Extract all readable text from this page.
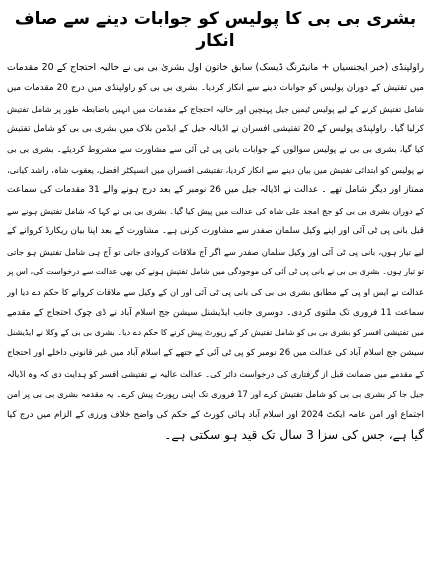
بشری بی بی کا پولیس کو جوابات دینے سے صاف انکار

راولپنڈی (خبر ایجنسیاں + مانیٹرنگ ڈیسک) سابق خاتون اول بشریٰ بی بی نے حالیہ احتجاج کے 20 مقدمات

میں تفتیش کے دوران پولیس کو جوابات دینے سے انکار کردیا۔ بشری بی بی کو راولپنڈی میں درج 20 مقدمات میں

شامل تفتیش کرنے کے لیے پولیس ٹیمیں جیل پہنچیں اور حالیہ احتجاج کے مقدمات میں انہیں باضابطہ طور پر شامل تفتیش

کرلیا گیا۔ راولپنڈی پولیس کے 20 تفتیشی افسران نے اڈیالہ جیل کے ایڈمن بلاک میں بشری بی بی کو شامل تفتیش

کیا گیا، بشری بی بی نے پولیس سوالوں کے جوابات بانی پی ٹی آئی سے مشاورت سے مشروط کردیئے۔ بشری بی بی

نے پولیس کو ابتدائی تفتیش میں بیان دینے سے انکار کردیا، تفتیشی افسران میں انسپکٹر افضل، یعقوب شاہ، راشد کیانی،

ممتاز اور دیگر شامل تھے ۔ عدالت نے اڈیالہ جیل میں 26 نومبر کے بعد درج ہونے والے 31 مقدمات کی سماعت

کے دوران بشری بی بی کو جج امجد علی شاہ کی عدالت میں پیش کیا گیا۔ بشری بی بی نے کہا کہ شامل تفتیش ہونے سے

قبل بانی پی ٹی آئی اور اپنے وکیل سلمان صفدر سے مشاورت کرنی ہے۔ مشاورت کے بعد اپنا بیان ریکارڈ کروانے کے

لیے تیار ہوں، بانی پی ٹی آئی اور وکیل سلمان صفدر سے اگر آج ملاقات کروادی جاتی تو آج ہی شامل تفتیش ہو جاتی

تو تیار ہوں۔ بشری بی بی نے بانی پی ٹی آئی کی موجودگی میں شامل تفتیش ہونے کی بھی عدالت سے درخواست کی، اس پر

عدالت نے ایس او پی کے مطابق بشری بی بی کی بانی پی ٹی آئی اور ان کے وکیل سے ملاقات کروانے کا حکم دے دیا اور

سماعت 11 فروری تک ملتوی کردی۔ دوسری جانب ایڈیشنل سیشن جج اسلام آباد نے ڈی چوک احتجاج کے مقدمے

میں تفتیشی افسر کو بشری بی بی کو شامل تفتیش کر کے رپورٹ پیش کرنے کا حکم دے دیا۔ بشری بی بی کے وکلا نے ایڈیشنل

سیشن جج اسلام آباد کی عدالت میں 26 نومبر کو پی ٹی آئی کے جتھے کے اسلام آباد میں غیر قانونی داخلے اور احتجاج

کے مقدمے میں ضمانت قبل از گرفتاری کی درخواست دائر کی۔ عدالت عالیہ نے تفتیشی افسر کو ہدایت دی کہ وہ اڈیالہ

جیل جا کر بشری بی بی کو شامل تفتیش کرے اور 17 فروری تک اپنی رپورٹ پیش کرے۔ یہ مقدمہ بشری بی بی پر امن

اجتماع اور امن عامہ ایکٹ 2024 اور اسلام آباد ہائی کورٹ کے حکم کی واضح خلاف ورزی کے الزام میں درج کیا

گیا ہے، جس کی سزا 3 سال تک قید ہو سکتی ہے۔
